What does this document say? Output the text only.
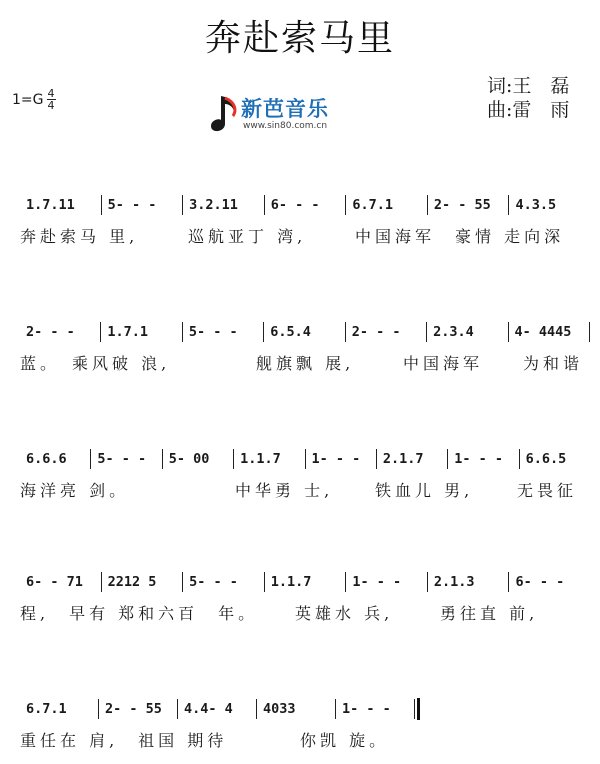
奔赴索马里
$1=G \frac{4}{4}$	新芭音乐
www.sin80.com.cn
词:王　磊
曲:雷　雨
1.7.11	5- - -	3.2.11	6- - -	6.7.1	2- - 55	4.3.5
奔赴索马 里,	巡航亚丁 湾,	中国海军　豪情 走向深
2- - -	1.7.1	5- - -	6.5.4	2- - -	2.3.4	4- 4445
蓝。　乘风破 浪,	舰旗飘 展,	中国海军　　为和谐
6.6.6	5- - -	5- 00	1.1.7	1- - -	2.1.7	1- - -	6.6.5
海洋亮 剑。	中华勇 士,	铁血儿 男,	无畏征
6- - 71	2212 5	5- - -	1.1.7	1- - -	2.1.3	6- - -
程,　早有 郑和六百　年。 英雄水 兵,	勇往直 前,
6.7.1	2- - 55	4.4- 4	4033	1- - -
重任在 肩,　祖国 期待	你凯 旋。
